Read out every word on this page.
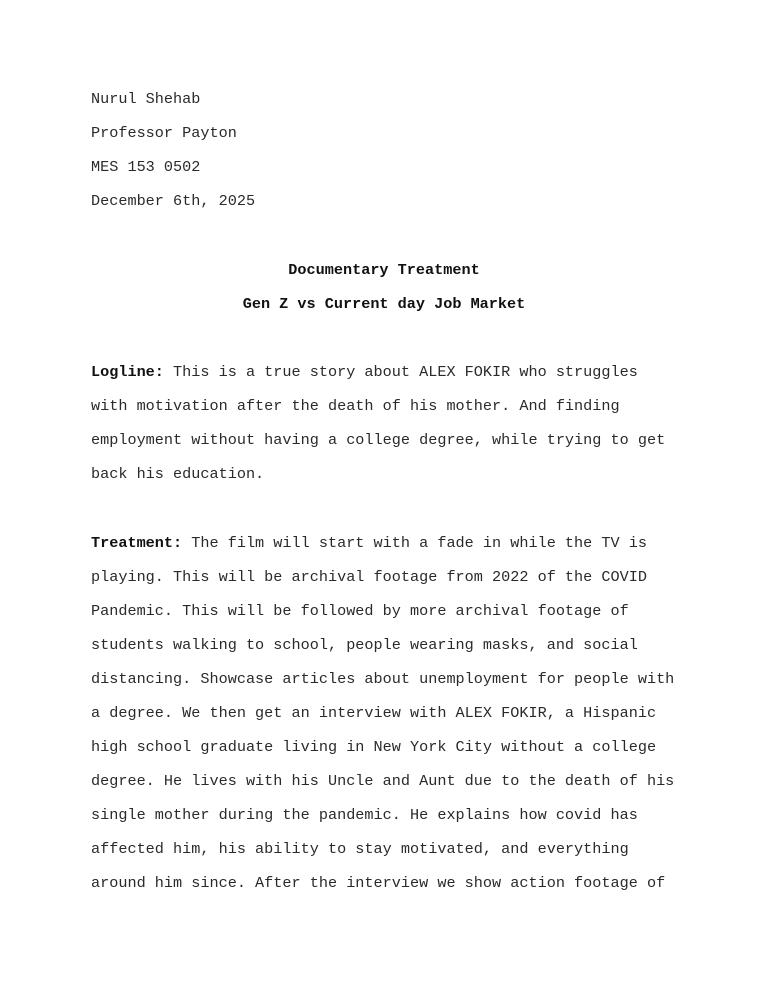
Nurul Shehab
Professor Payton
MES 153 0502
December 6th, 2025
Documentary Treatment
Gen Z vs Current day Job Market
Logline: This is a true story about ALEX FOKIR who struggles
with motivation after the death of his mother. And finding
employment without having a college degree, while trying to get
back his education.
Treatment: The film will start with a fade in while the TV is
playing. This will be archival footage from 2022 of the COVID
Pandemic. This will be followed by more archival footage of
students walking to school, people wearing masks, and social
distancing. Showcase articles about unemployment for people with
a degree. We then get an interview with ALEX FOKIR, a Hispanic
high school graduate living in New York City without a college
degree. He lives with his Uncle and Aunt due to the death of his
single mother during the pandemic. He explains how covid has
affected him, his ability to stay motivated, and everything
around him since. After the interview we show action footage of
